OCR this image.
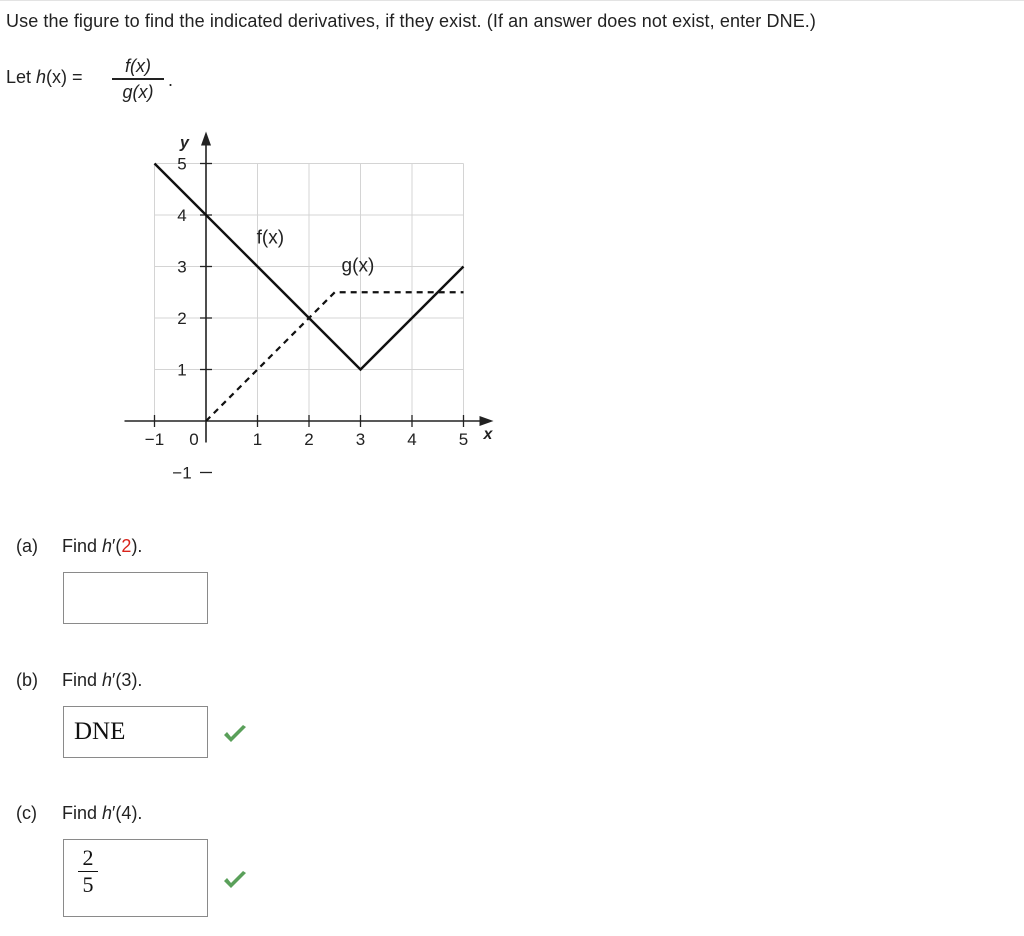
Use the figure to find the indicated derivatives, if they exist. (If an answer does not exist, enter DNE.)
Let h(x) =
f(x)
g(x)
.
−1 0	1 2 3 4 5
5
4
3
2
1
−1
x
y
f(x)
g(x)
(a) Find h′(2).
(b) Find h′(3).
DNE
(c) Find h′(4).
2
5
